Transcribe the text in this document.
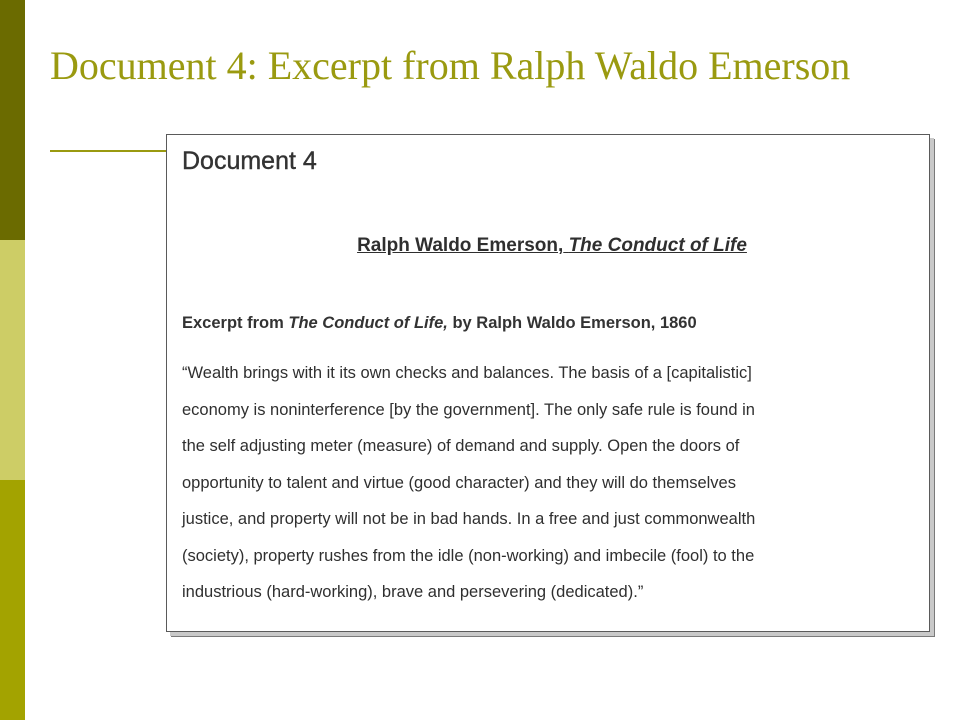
Document 4: Excerpt from Ralph Waldo Emerson
Document 4

Ralph Waldo Emerson, The Conduct of Life

Excerpt from The Conduct of Life, by Ralph Waldo Emerson, 1860

“Wealth brings with it its own checks and balances. The basis of a [capitalistic]
economy is noninterference [by the government]. The only safe rule is found in
the self adjusting meter (measure) of demand and supply. Open the doors of
opportunity to talent and virtue (good character) and they will do themselves
justice, and property will not be in bad hands. In a free and just commonwealth
(society), property rushes from the idle (non-working) and imbecile (fool) to the
industrious (hard-working), brave and persevering (dedicated).”
